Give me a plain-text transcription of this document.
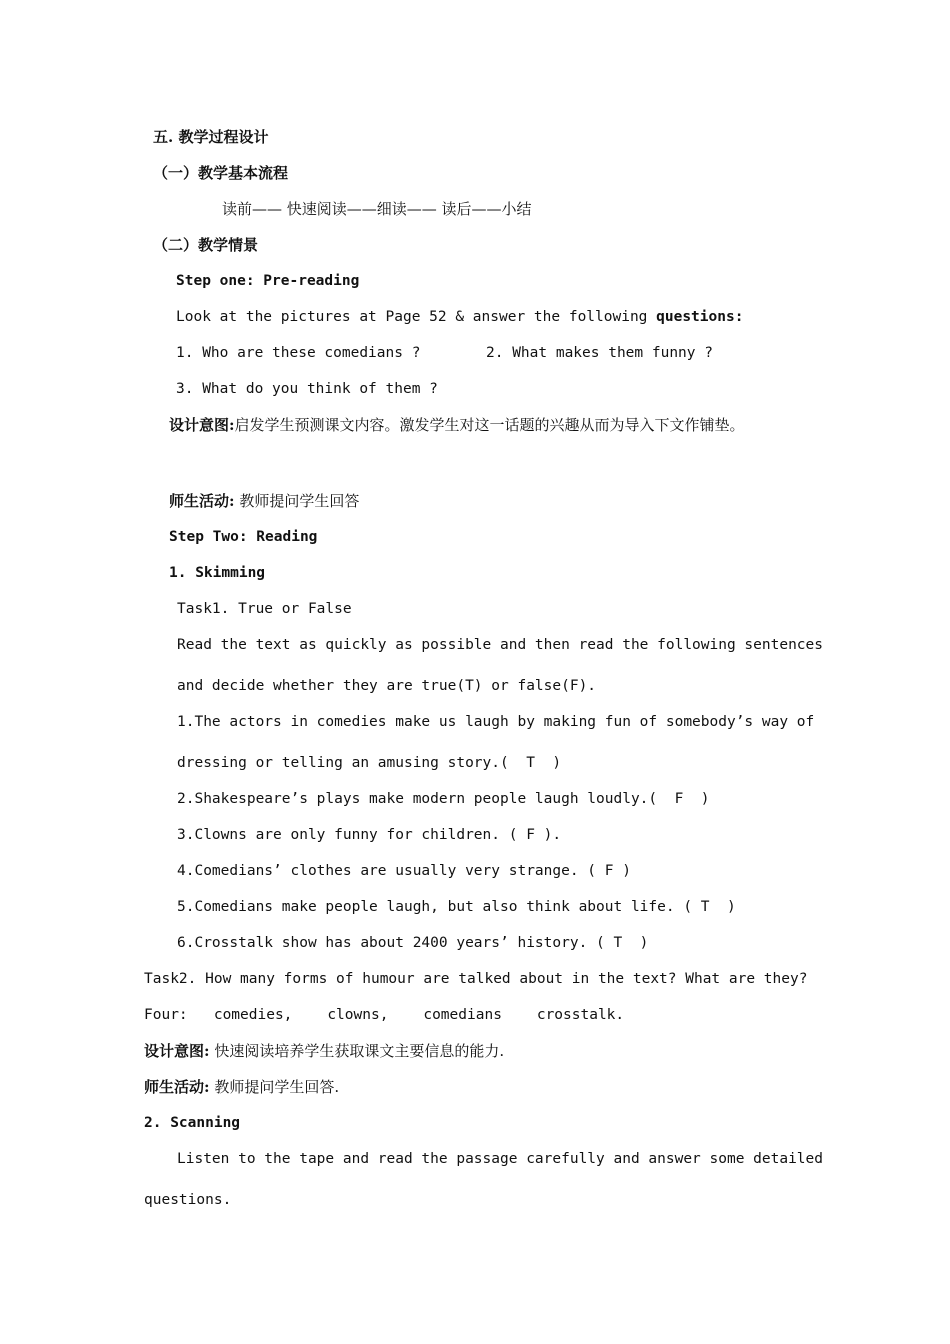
五. 教学过程设计
（一）教学基本流程
读前—— 快速阅读——细读—— 读后——小结
（二）教学情景
Step one: Pre-reading
Look at the pictures at Page 52 & answer the following questions:
1. Who are these comedians ?	2. What makes them funny ?
3. What do you think of them ?
设计意图:启发学生预测课文内容。激发学生对这一话题的兴趣从而为导入下文作铺垫。
师生活动: 教师提问学生回答
Step Two: Reading
1. Skimming
Task1. True or False
Read the text as quickly as possible and then read the following sentences
and decide whether they are true(T) or false(F).
1.The actors in comedies make us laugh by making fun of somebody’s way of
dressing or telling an amusing story.(  T  )
2.Shakespeare’s plays make modern people laugh loudly.(  F  )
3.Clowns are only funny for children. ( F ).
4.Comedians’ clothes are usually very strange. ( F )
5.Comedians make people laugh, but also think about life. ( T  )
6.Crosstalk show has about 2400 years’ history. ( T  )
Task2. How many forms of humour are talked about in the text? What are they?
Four:   comedies,    clowns,    comedians    crosstalk.
设计意图: 快速阅读培养学生获取课文主要信息的能力.
师生活动: 教师提问学生回答.
2. Scanning
Listen to the tape and read the passage carefully and answer some detailed
questions.
